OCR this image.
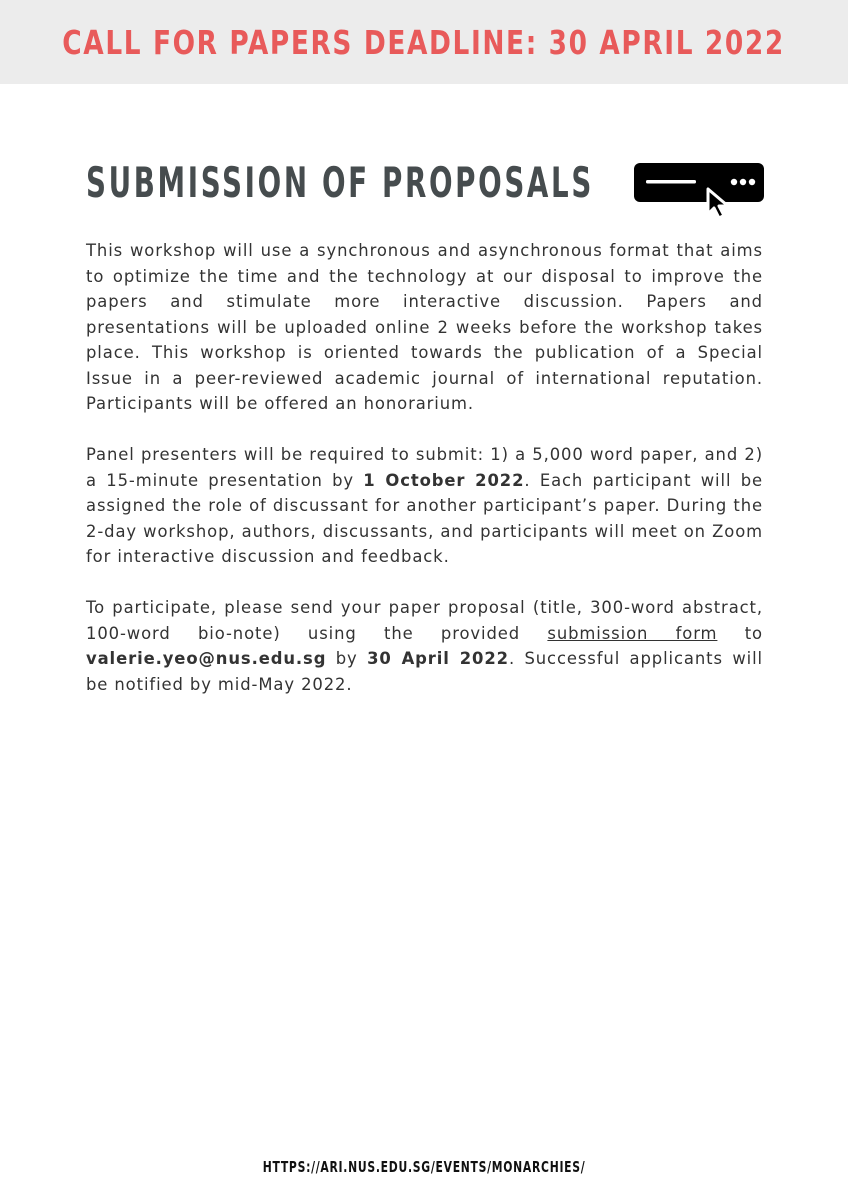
CALL FOR PAPERS DEADLINE: 30 APRIL 2022
SUBMISSION OF PROPOSALS

This workshop will use a synchronous and asynchronous format that aims to optimize the time and the technology at our disposal to improve the papers and stimulate more interactive discussion. Papers and presentations will be uploaded online 2 weeks before the workshop takes place. This workshop is oriented towards the publication of a Special Issue in a peer-reviewed academic journal of international reputation. Participants will be offered an honorarium.

Panel presenters will be required to submit: 1) a 5,000 word paper, and 2) a 15-minute presentation by 1 October 2022. Each participant will be assigned the role of discussant for another participant’s paper. During the 2-day workshop, authors, discussants, and participants will meet on Zoom for interactive discussion and feedback.

To participate, please send your paper proposal (title, 300-word abstract, 100-word bio-note) using the provided submission form to valerie.yeo@nus.edu.sg by 30 April 2022. Successful applicants will be notified by mid-May 2022.

HTTPS://ARI.NUS.EDU.SG/EVENTS/MONARCHIES/
